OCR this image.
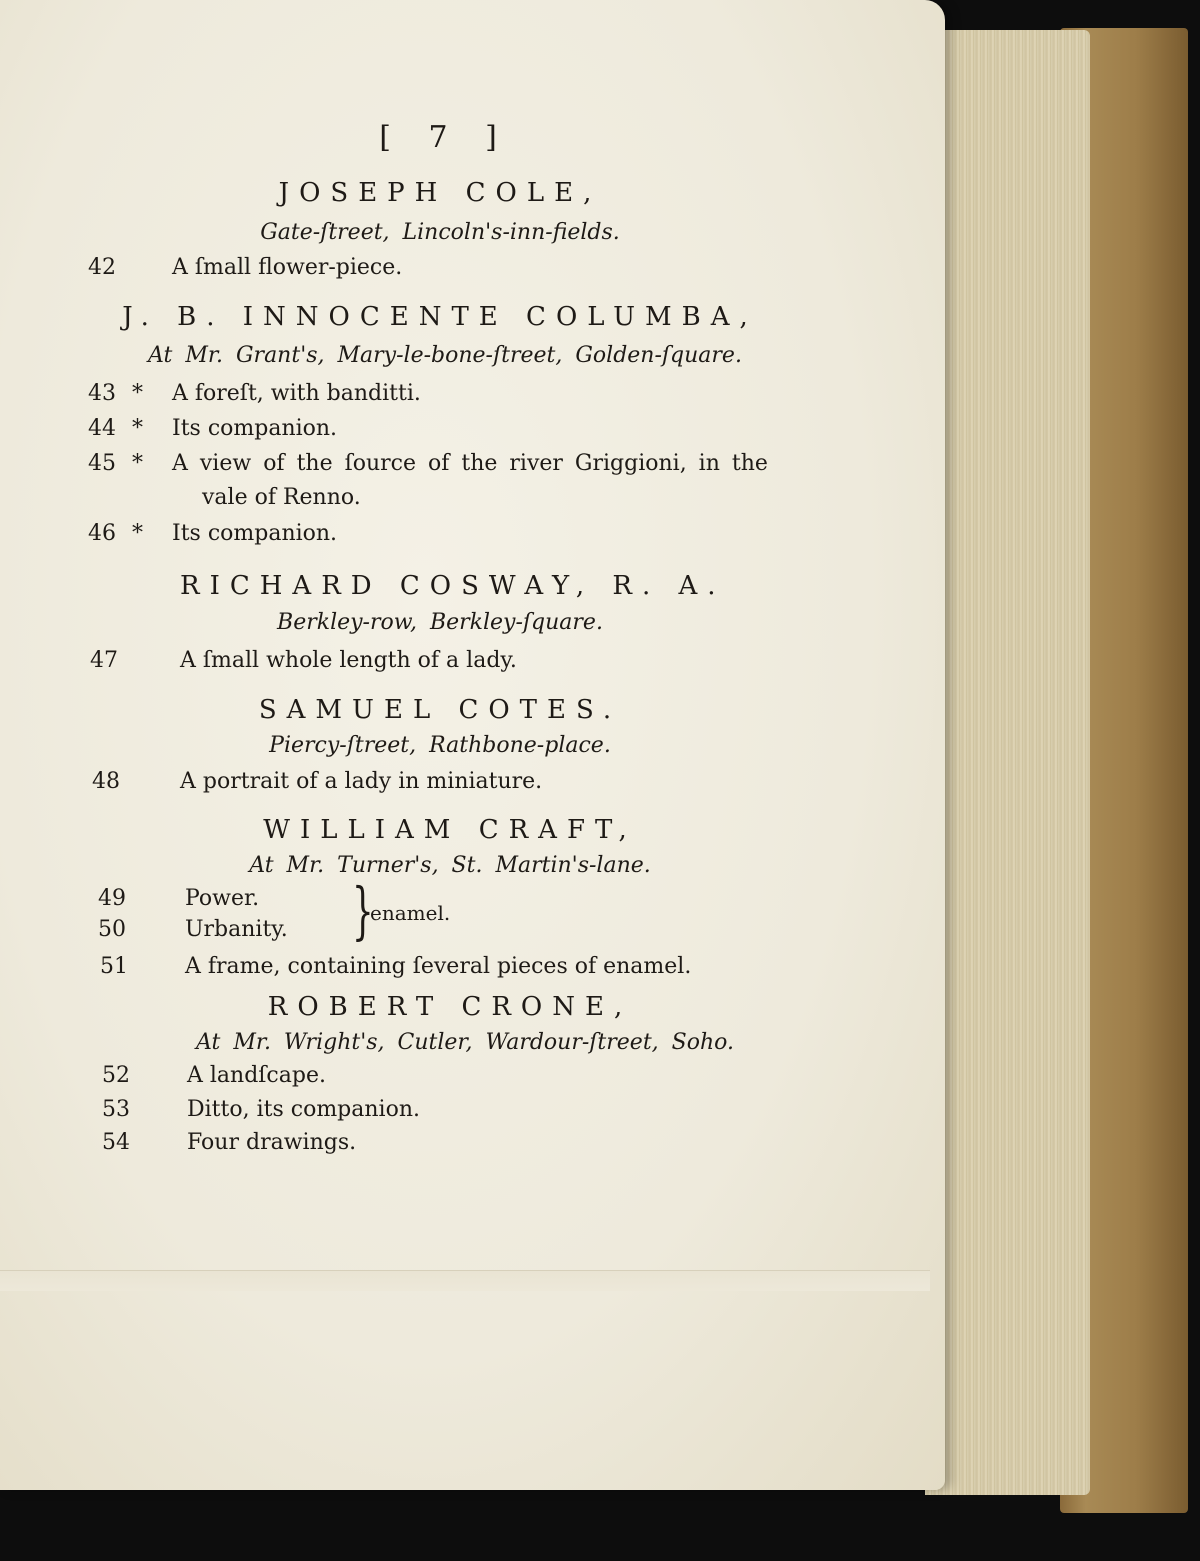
[ 7 ]
JOSEPH COLE,
Gate-ſtreet, Lincoln's-inn-fields.
42	A ſmall flower-piece.
J. B. INNOCENTE COLUMBA,
At Mr. Grant's, Mary-le-bone-ſtreet, Golden-ſquare.
43 * A foreſt, with banditti.
44 * Its companion.
45 * A view of the ſource of the river Griggioni, in the
vale of Renno.
46 * Its companion.
RICHARD COSWAY, R. A.
Berkley-row, Berkley-ſquare.
47	A ſmall whole length of a lady.
SAMUEL COTES.
Piercy-ſtreet, Rathbone-place.
48	A portrait of a lady in miniature.
WILLIAM CRAFT,
At Mr. Turner's, St. Martin's-lane.
49	Power.
50	Urbanity. }
enamel.
51	A frame, containing ſeveral pieces of enamel.
ROBERT CRONE,
At Mr. Wright's, Cutler, Wardour-ſtreet, Soho.
52	A landſcape.
53	Ditto, its companion.
54	Four drawings.
